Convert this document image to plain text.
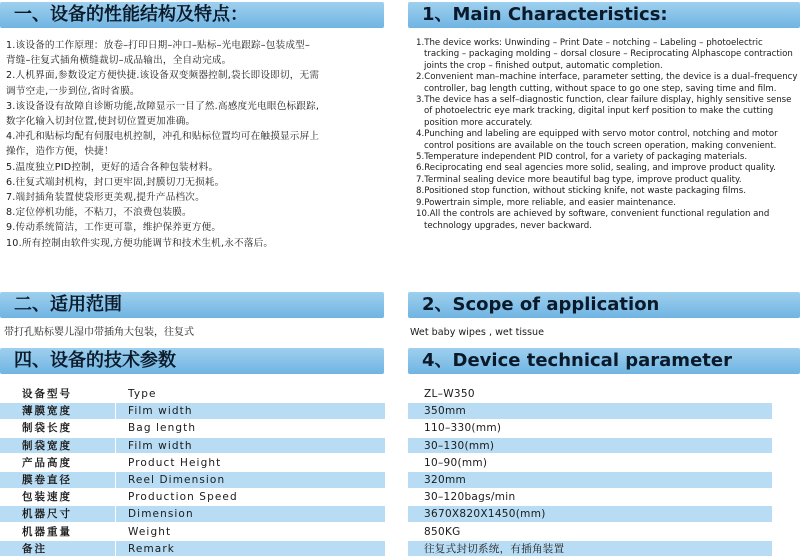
一、设备的性能结构及特点：	1、Main Characteristics:
1.该设备的工作原理：放卷–打印日期–冲口–贴标–光电跟踪–包装成型–
背缝–往复式插角横缝裁切–成品输出，全自动完成。
2.人机界面,参数设定方便快捷.该设备双变频器控制,袋长即设即切，无需
调节空走,一步到位,省时省膜。
3.该设备设有故障自诊断功能,故障显示一目了然.高感度光电眼色标跟踪,
数字化输入切封位置,使封切位置更加准确。
4.冲孔和贴标均配有伺服电机控制，冲孔和贴标位置均可在触摸显示屏上
操作，造作方便，快捷！
5.温度独立PID控制，更好的适合各种包装材料。
6.往复式端封机构，封口更牢固,封膜切刀无损耗。
7.端封插角装置使袋形更美观,提升产品档次。
8.定位停机功能，不粘刀，不浪费包装膜。
9.传动系统简洁，工作更可靠，维护保养更方便。
10.所有控制由软件实现,方便功能调节和技术生机,永不落后。
1.The device works: Unwinding – Print Date – notching – Labeling – photoelectric tracking – packaging molding – dorsal closure – Reciprocating Alphascope contraction joints the crop – finished output, automatic completion.
2.Convenient man–machine interface, parameter setting, the device is a dual–frequency controller, bag length cutting, without space to go one step, saving time and film.
3.The device has a self–diagnostic function, clear failure display, highly sensitive sense of photoelectric eye mark tracking, digital input kerf position to make the cutting position more accurately.
4.Punching and labeling are equipped with servo motor control, notching and motor control positions are available on the touch screen operation, making convenient.
5.Temperature independent PID control, for a variety of packaging materials.
6.Reciprocating end seal agencies more solid, sealing, and improve product quality.
7.Terminal sealing device more beautiful bag type, improve product quality.
8.Positioned stop function, without sticking knife, not waste packaging films.
9.Powertrain simple, more reliable, and easier maintenance.
10.All the controls are achieved by software, convenient functional regulation and technology upgrades, never backward.
二、适用范围	2、Scope of application
带打孔贴标婴儿湿巾带插角大包装，往复式	Wet baby wipes , wet tissue
四、设备的技术参数	4、Device technical parameter
设备型号	Type	ZL–W350
薄膜宽度	Film width	350mm
制袋长度	Bag length	110–330(mm)
制袋宽度	Film width	30–130(mm)
产品高度	Product Height	10–90(mm)
膜卷直径	Reel Dimension	320mm
包装速度	Production Speed	30–120bags/min
机器尺寸	Dimension	3670X820X1450(mm)
机器重量	Weight	850KG
备注	Remark	往复式封切系统，有插角装置
